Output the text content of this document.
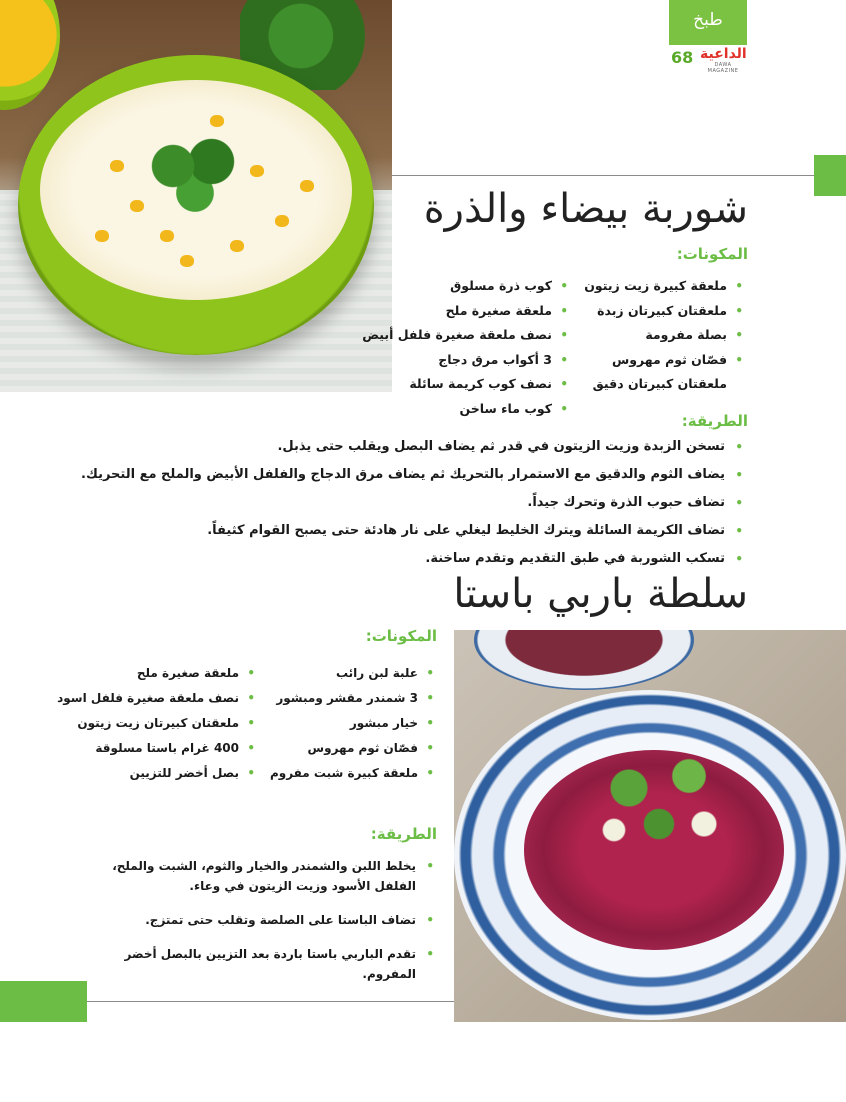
طبخ
68 الداعية
DAWA MAGAZINE
شوربة بيضاء والذرة
المكونات:
•
ملعقة كبيرة زيت زيتون
•
ملعقتان كبيرتان زبدة
•
بصلة مفرومة
•
فصّان ثوم مهروس
ملعقتان كبيرتان دقيق
•
كوب ذرة مسلوق
•
ملعقة صغيرة ملح
•
نصف ملعقة صغيرة فلفل أبيض
•
3 أكواب مرق دجاج
•
نصف كوب كريمة سائلة
•
كوب ماء ساخن
الطريقة:
•
تسخن الزبدة وزيت الزيتون في قدر ثم يضاف البصل ويقلب حتى يذبل.
•
يضاف الثوم والدقيق مع الاستمرار بالتحريك ثم يضاف مرق الدجاج والفلفل الأبيض والملح مع التحريك.
•
تضاف حبوب الذرة وتحرك جيداً.
•
تضاف الكريمة السائلة ويترك الخليط ليغلي على نار هادئة حتى يصبح القوام كثيفاً.
•
تسكب الشوربة في طبق التقديم وتقدم ساخنة.
سلطة باربي باستا
المكونات:
•
علبة لبن رائب
•
3 شمندر مقشر ومبشور
•
خيار مبشور
•
فصّان ثوم مهروس
•
ملعقة كبيرة شبت مفروم
•
ملعقة صغيرة ملح
•
نصف ملعقة صغيرة فلفل اسود
•
ملعقتان كبيرتان زيت زيتون
•
400 غرام باستا مسلوقة
•
بصل أخضر للتزيين
الطريقة:
•
يخلط اللبن والشمندر والخيار والثوم، الشبت والملح، الفلفل الأسود وزيت الزيتون في وعاء.
•
تضاف الباستا على الصلصة وتقلب حتى تمتزج.
•
تقدم الباربي باستا باردة بعد التزيين بالبصل أخضر المفروم.
